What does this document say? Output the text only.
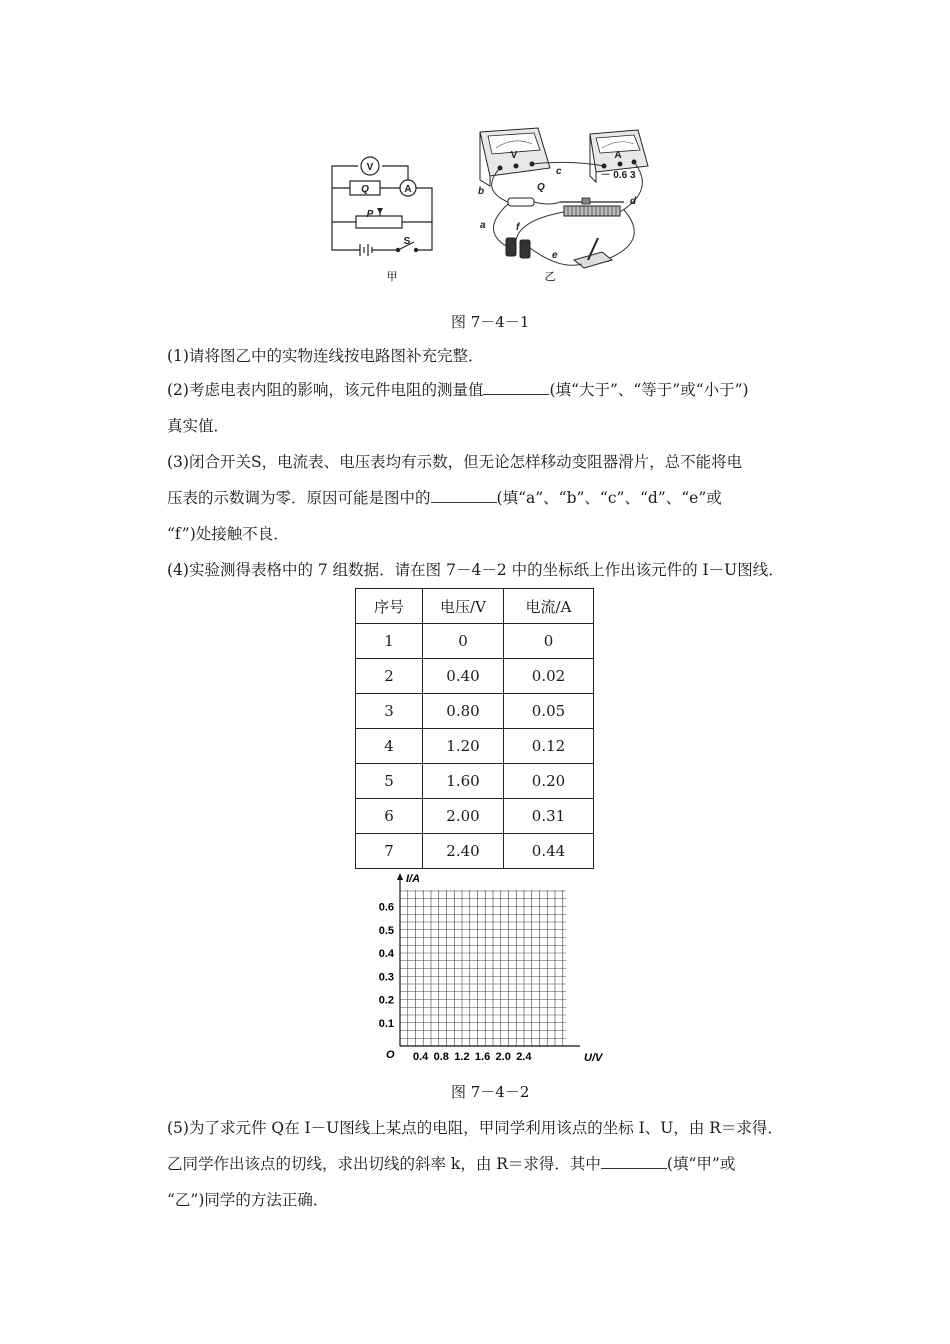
V
Q	A
P
S
甲
V	A
－ 0.6 3
Q
b
c
a
d
f
e
乙
图 7－4－1
(1)请将图乙中的实物连线按电路图补充完整．
(2)考虑电表内阻的影响，该元件电阻的测量值	(填“大于”、“等于”或“小于”)
真实值．
(3)闭合开关S，电流表、电压表均有示数，但无论怎样移动变阻器滑片，总不能将电
压表的示数调为零．原因可能是图中的	(填“a”、“b”、“c”、“d”、“e”或
“f”)处接触不良．
(4)实验测得表格中的 7 组数据．请在图 7－4－2 中的坐标纸上作出该元件的 I－U图线．
序号	电压/V	电流/A
1	0	0
2	0.40	0.02
3	0.80	0.05
4	1.20	0.12
5	1.60	0.20
6	2.00	0.31
7	2.40	0.44
0.1
0.2
0.3
0.4
0.5
0.6
0.4 0.8 1.2 1.6 2.0 2.4
I/A
U/V
O
图 7－4－2
(5)为了求元件 Q在 I－U图线上某点的电阻，甲同学利用该点的坐标 I、U，由 R＝求得．
乙同学作出该点的切线，求出切线的斜率 k，由 R＝求得．其中	(填“甲”或
“乙”)同学的方法正确．
